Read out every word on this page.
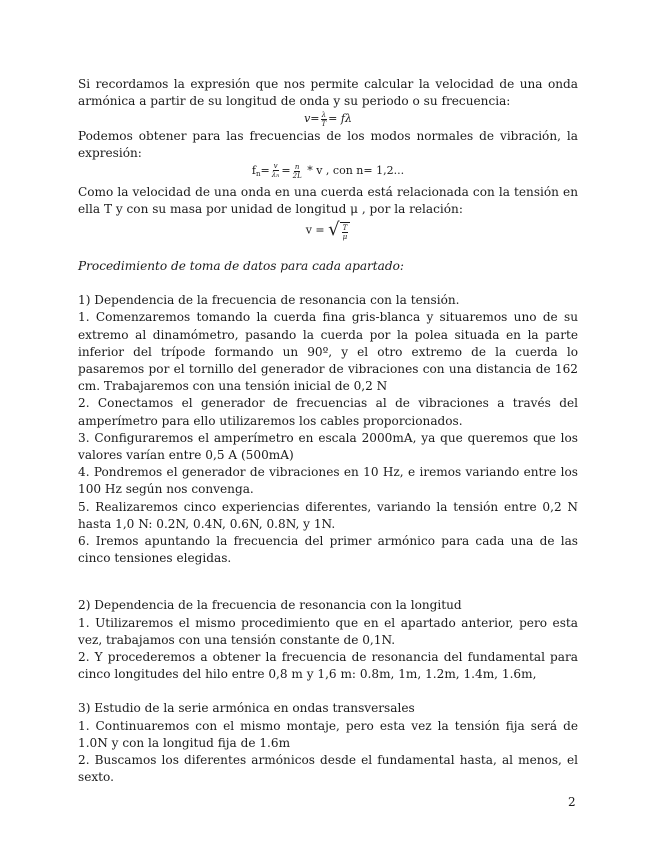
Si recordamos la expresión que nos permite calcular la velocidad de una onda armónica a partir de su longitud de onda y su periodo o su frecuencia:

$v= \frac{\lambda}{T} = f\lambda$

Podemos obtener para las frecuencias de los modos normales de vibración, la expresión:

$f_n= \frac{v}{\lambda n} = \frac{n}{2L} * v$ , con n= 1,2...

Como la velocidad de una onda en una cuerda está relacionada con la tensión en ella T y con su masa por unidad de longitud μ , por la relación:

v = √ $\frac{T}{\mu}$

Procedimiento de toma de datos para cada apartado:

1) Dependencia de la frecuencia de resonancia con la tensión.

1. Comenzaremos tomando la cuerda fina gris-blanca y situaremos uno de su extremo al dinamómetro, pasando la cuerda por la polea situada en la parte inferior del trípode formando un 90º, y el otro extremo de la cuerda lo pasaremos por el tornillo del generador de vibraciones con una distancia de 162 cm. Trabajaremos con una tensión inicial de 0,2 N

2. Conectamos el generador de frecuencias al de vibraciones a través del amperímetro para ello utilizaremos los cables proporcionados.

3. Configuraremos el amperímetro en escala 2000mA, ya que queremos que los valores varían entre 0,5 A (500mA)

4. Pondremos el generador de vibraciones en 10 Hz, e iremos variando entre los 100 Hz según nos convenga.

5. Realizaremos cinco experiencias diferentes, variando la tensión entre 0,2 N hasta 1,0 N: 0.2N, 0.4N, 0.6N, 0.8N, y 1N.

6. Iremos apuntando la frecuencia del primer armónico para cada una de las cinco tensiones elegidas.

2) Dependencia de la frecuencia de resonancia con la longitud

1. Utilizaremos el mismo procedimiento que en el apartado anterior, pero esta vez, trabajamos con una tensión constante de 0,1N.

2. Y procederemos a obtener la frecuencia de resonancia del fundamental para cinco longitudes del hilo entre 0,8 m y 1,6 m: 0.8m, 1m, 1.2m, 1.4m, 1.6m,

3) Estudio de la serie armónica en ondas transversales

1. Continuaremos con el mismo montaje, pero esta vez la tensión fija será de 1.0N y con la longitud fija de 1.6m

2. Buscamos los diferentes armónicos desde el fundamental hasta, al menos, el sexto.

2
